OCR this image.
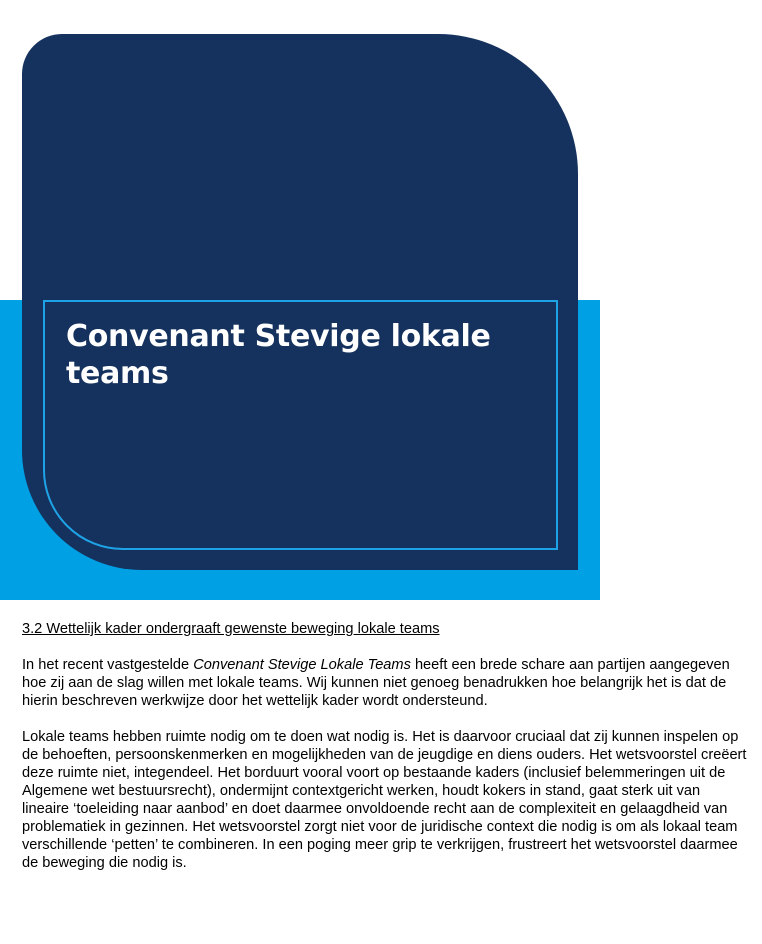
Convenant Stevige lokale teams
3.2 Wettelijk kader ondergraaft gewenste beweging lokale teams

In het recent vastgestelde Convenant Stevige Lokale Teams heeft een brede schare aan partijen aangegeven hoe zij aan de slag willen met lokale teams. Wij kunnen niet genoeg benadrukken hoe belangrijk het is dat de hierin beschreven werkwijze door het wettelijk kader wordt ondersteund.

Lokale teams hebben ruimte nodig om te doen wat nodig is. Het is daarvoor cruciaal dat zij kunnen inspelen op de behoeften, persoonskenmerken en mogelijkheden van de jeugdige en diens ouders. Het wetsvoorstel creëert deze ruimte niet, integendeel. Het borduurt vooral voort op bestaande kaders (inclusief belemmeringen uit de Algemene wet bestuursrecht), ondermijnt contextgericht werken, houdt kokers in stand, gaat sterk uit van lineaire ‘toeleiding naar aanbod’ en doet daarmee onvoldoende recht aan de complexiteit en gelaagdheid van problematiek in gezinnen. Het wetsvoorstel zorgt niet voor de juridische context die nodig is om als lokaal team verschillende ‘petten’ te combineren. In een poging meer grip te verkrijgen, frustreert het wetsvoorstel daarmee de beweging die nodig is.
